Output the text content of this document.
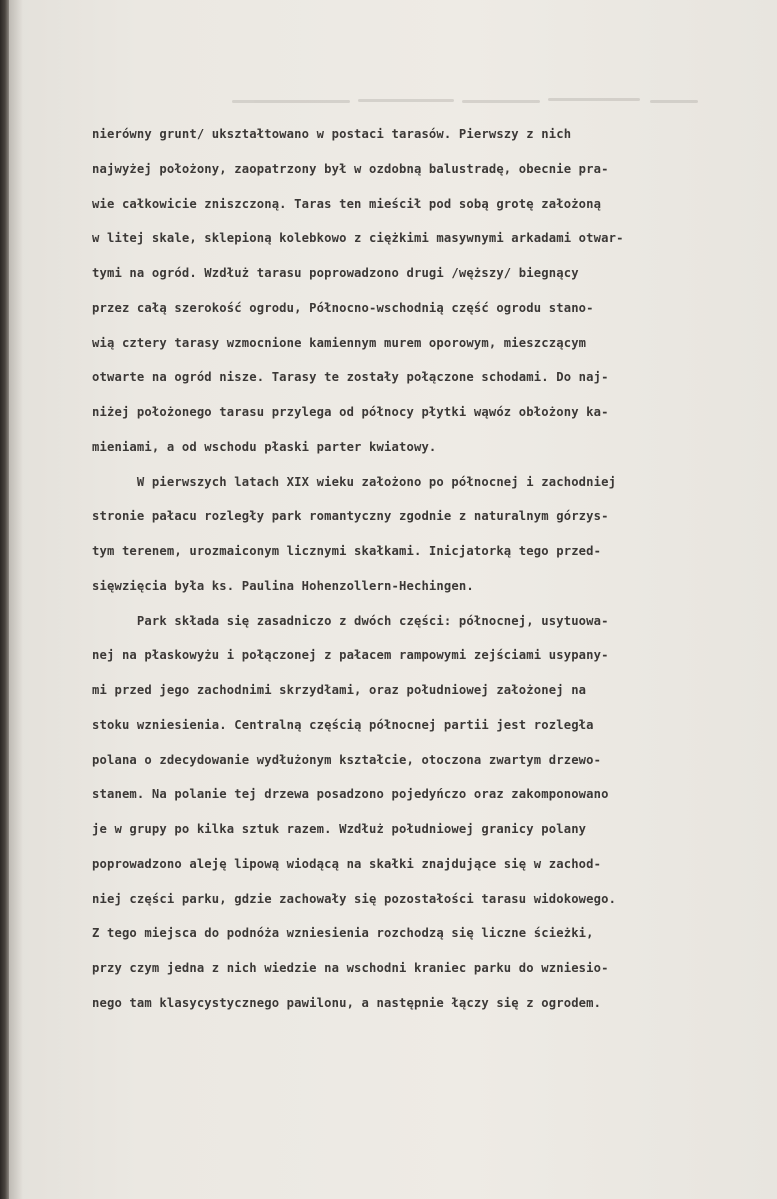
nierówny grunt/ ukształtowano w postaci tarasów. Pierwszy z nich
najwyżej położony, zaopatrzony był w ozdobną balustradę, obecnie pra-
wie całkowicie zniszczoną. Taras ten mieścił pod sobą grotę założoną
w litej skale, sklepioną kolebkowo z ciężkimi masywnymi arkadami otwar-
tymi na ogród. Wzdłuż tarasu poprowadzono drugi /węższy/ biegnący
przez całą szerokość ogrodu, Północno-wschodnią część ogrodu stano-
wią cztery tarasy wzmocnione kamiennym murem oporowym, mieszczącym
otwarte na ogród nisze. Tarasy te zostały połączone schodami. Do naj-
niżej położonego tarasu przylega od północy płytki wąwóz obłożony ka-
mieniami, a od wschodu płaski parter kwiatowy.
W pierwszych latach XIX wieku założono po północnej i zachodniej
stronie pałacu rozległy park romantyczny zgodnie z naturalnym górzys-
tym terenem, urozmaiconym licznymi skałkami. Inicjatorką tego przed-
sięwzięcia była ks. Paulina Hohenzollern-Hechingen.
Park składa się zasadniczo z dwóch części: północnej, usytuowa-
nej na płaskowyżu i połączonej z pałacem rampowymi zejściami usypany-
mi przed jego zachodnimi skrzydłami, oraz południowej założonej na
stoku wzniesienia. Centralną częścią północnej partii jest rozległa
polana o zdecydowanie wydłużonym kształcie, otoczona zwartym drzewo-
stanem. Na polanie tej drzewa posadzono pojedyńczo oraz zakomponowano
je w grupy po kilka sztuk razem. Wzdłuż południowej granicy polany
poprowadzono aleję lipową wiodącą na skałki znajdujące się w zachod-
niej części parku, gdzie zachowały się pozostałości tarasu widokowego.
Z tego miejsca do podnóża wzniesienia rozchodzą się liczne ścieżki,
przy czym jedna z nich wiedzie na wschodni kraniec parku do wzniesio-
nego tam klasycystycznego pawilonu, a następnie łączy się z ogrodem.
